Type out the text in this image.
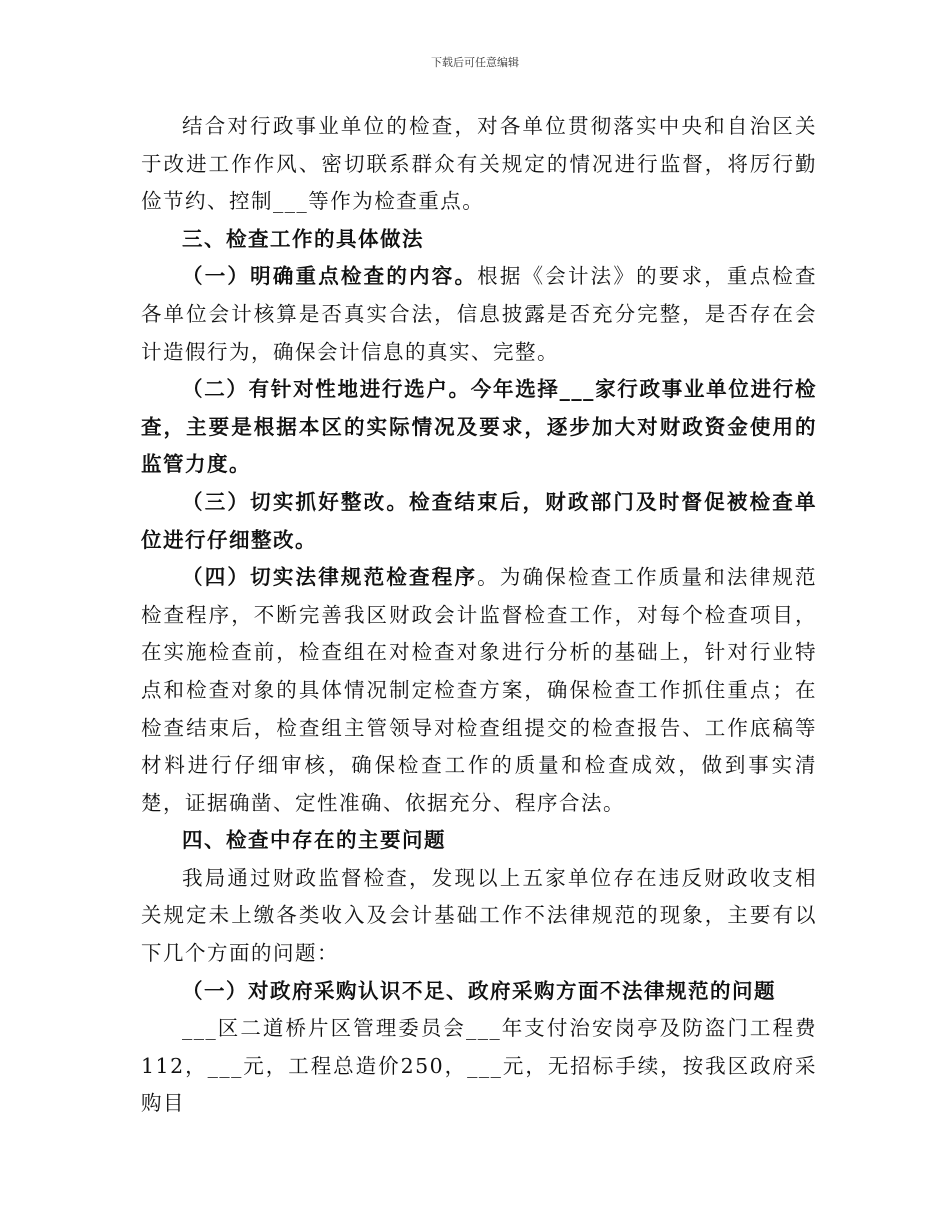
下载后可任意编辑

结合对行政事业单位的检查，对各单位贯彻落实中央和自治区关于改进工作作风、密切联系群众有关规定的情况进行监督，将厉行勤俭节约、控制___等作为检查重点。

三、检查工作的具体做法

（一）明确重点检查的内容。根据《会计法》的要求，重点检查各单位会计核算是否真实合法，信息披露是否充分完整，是否存在会计造假行为，确保会计信息的真实、完整。

（二）有针对性地进行选户。今年选择___家行政事业单位进行检查，主要是根据本区的实际情况及要求，逐步加大对财政资金使用的监管力度。

（三）切实抓好整改。检查结束后，财政部门及时督促被检查单位进行仔细整改。

（四）切实法律规范检查程序。为确保检查工作质量和法律规范检查程序，不断完善我区财政会计监督检查工作，对每个检查项目，在实施检查前，检查组在对检查对象进行分析的基础上，针对行业特点和检查对象的具体情况制定检查方案，确保检查工作抓住重点；在检查结束后，检查组主管领导对检查组提交的检查报告、工作底稿等材料进行仔细审核，确保检查工作的质量和检查成效，做到事实清楚，证据确凿、定性准确、依据充分、程序合法。

四、检查中存在的主要问题

我局通过财政监督检查，发现以上五家单位存在违反财政收支相关规定未上缴各类收入及会计基础工作不法律规范的现象，主要有以下几个方面的问题：

（一）对政府采购认识不足、政府采购方面不法律规范的问题

___区二道桥片区管理委员会___年支付治安岗亭及防盗门工程费112，___元，工程总造价250，___元，无招标手续，按我区政府采购目
